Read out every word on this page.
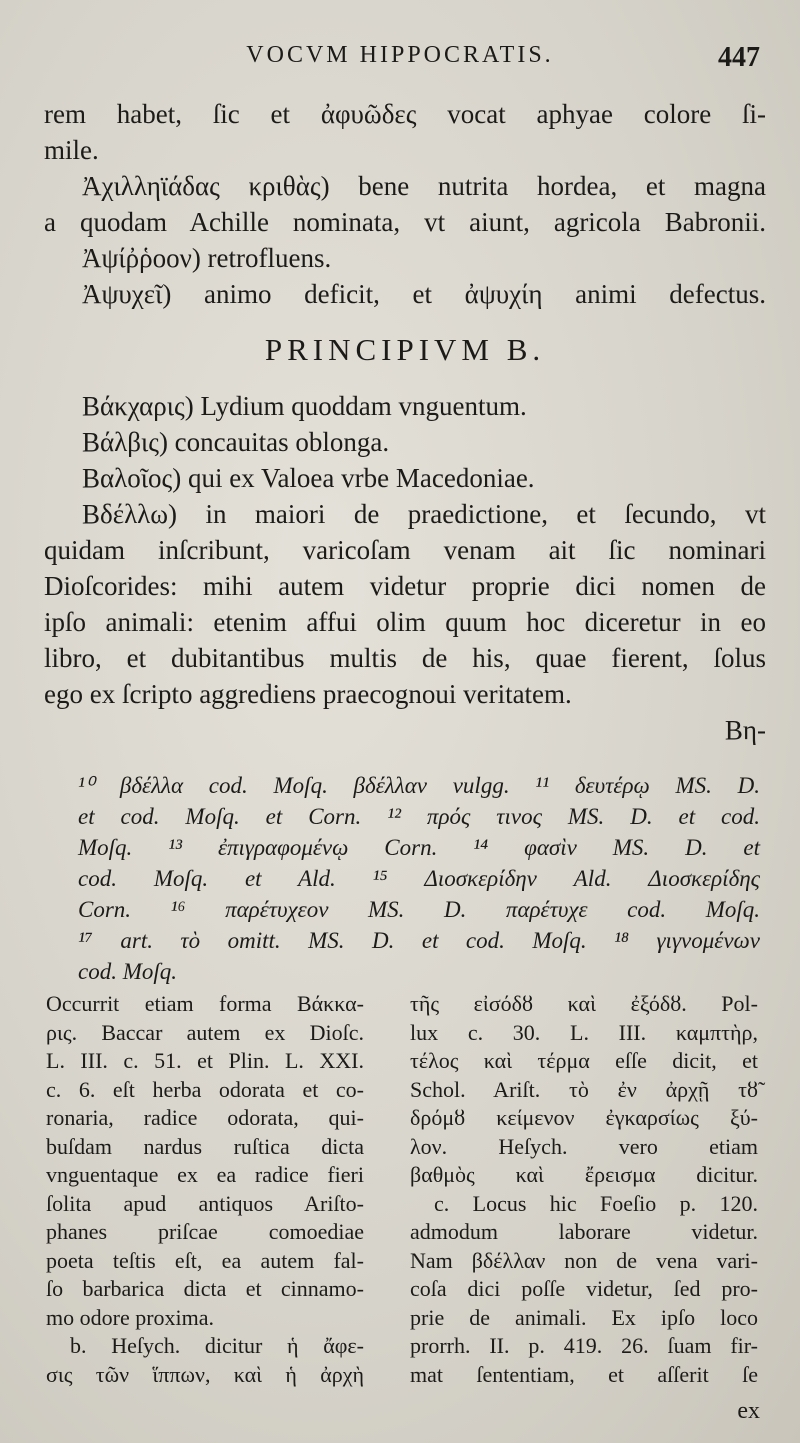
VOCVM HIPPOCRATIS.	447
rem habet, ſic et ἀφυῶδες vocat aphyae colore ſi-
mile.
Ἀχιλληϊάδας κριθὰς) bene nutrita hordea, et magna
a quodam Achille nominata, vt aiunt, agricola Babronii.
Ἀψίῤῥοον) retrofluens.
Ἀψυχεῖ) animo deficit, et ἀψυχίη animi defectus.
PRINCIPIVM B.
Βάκχαρις) Lydium quoddam vnguentum.
Βάλβις) concauitas oblonga.
Βαλοῖος) qui ex Valoea vrbe Macedoniae.
Βδέλλω) in maiori de praedictione, et ſecundo, vt
quidam inſcribunt, varicoſam venam ait ſic nominari
Dioſcorides: mihi autem videtur proprie dici nomen de
ipſo animali: etenim affui olim quum hoc diceretur in eo
libro, et dubitantibus multis de his, quae fierent, ſolus
ego ex ſcripto aggrediens praecognoui veritatem.
Βη-
¹⁰ βδέλλα cod. Moſq. βδέλλαν vulgg. ¹¹ δευτέρῳ MS. D.
et cod. Moſq. et Corn. ¹² πρός τινος MS. D. et cod.
Moſq. ¹³ ἐπιγραφομένῳ Corn. ¹⁴ φασὶν MS. D. et
cod. Moſq. et Ald. ¹⁵ Διοσκερίδην Ald. Διοσκερίδης
Corn. ¹⁶ παρέτυχεον MS. D. παρέτυχε cod. Moſq.
¹⁷ art. τὸ omitt. MS. D. et cod. Moſq. ¹⁸ γιγνομένων
cod. Moſq.
Occurrit etiam forma Βάκκα-
ρις. Baccar autem ex Dioſc.
L. III. c. 51. et Plin. L. XXI.
c. 6. eſt herba odorata et co-
ronaria, radice odorata, qui-
buſdam nardus ruſtica dicta
vnguentaque ex ea radice fieri
ſolita apud antiquos Ariſto-
phanes priſcae comoediae
poeta teſtis eſt, ea autem fal-
ſo barbarica dicta et cinnamo-
mo odore proxima.
b. Heſych. dicitur ἡ ἄφε-
σις τῶν ἵππων, καὶ ἡ ἀρχὴ
τῆς εἰσόδȣ καὶ ἐξόδȣ. Pol-
lux c. 30. L. III. καμπτὴρ,
τέλος καὶ τέρμα eſſe dicit, et
Schol. Ariſt. τὸ ἐν ἀρχῇ τȣ̃
δρόμȣ κείμενον ἐγκαρσίως ξύ-
λον. Heſych. vero etiam
βαθμὸς καὶ ἔρεισμα dicitur.
c. Locus hic Foeſio p. 120.
admodum laborare videtur.
Nam βδέλλαν non de vena vari-
coſa dici poſſe videtur, ſed pro-
prie de animali. Ex ipſo loco
prorrh. II. p. 419. 26. ſuam fir-
mat ſententiam, et aſſerit ſe
ex
